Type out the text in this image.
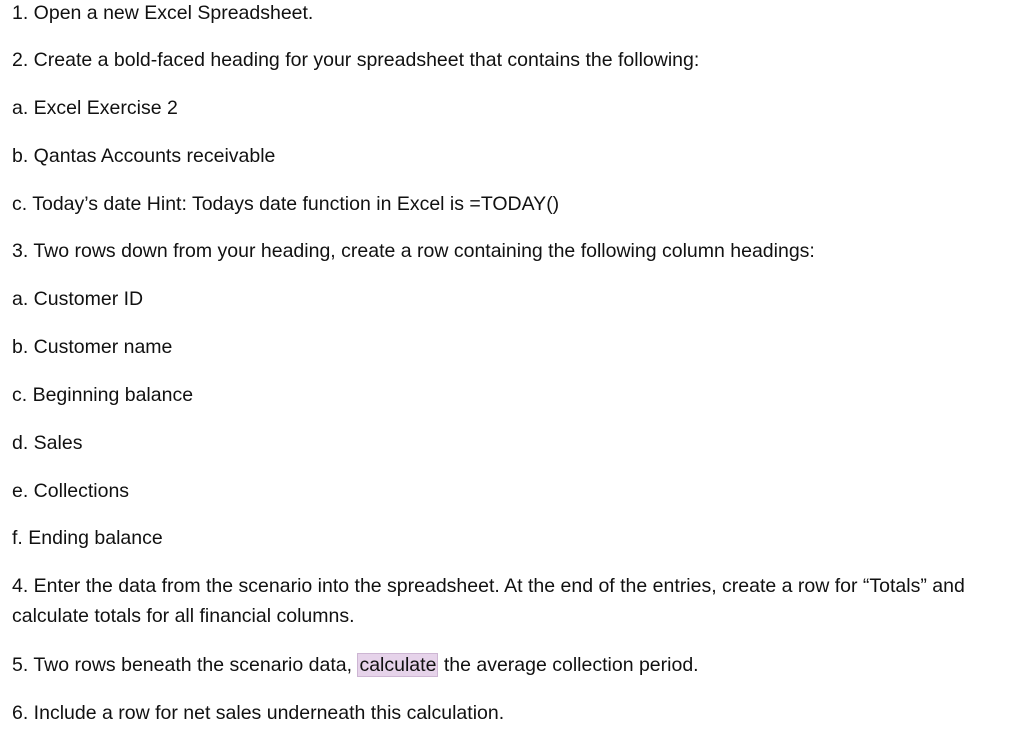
1. Open a new Excel Spreadsheet.
2. Create a bold-faced heading for your spreadsheet that contains the following:
a. Excel Exercise 2
b. Qantas Accounts receivable
c. Today’s date Hint: Todays date function in Excel is =TODAY()
3. Two rows down from your heading, create a row containing the following column headings:
a. Customer ID
b. Customer name
c. Beginning balance
d. Sales
e. Collections
f. Ending balance
4. Enter the data from the scenario into the spreadsheet. At the end of the entries, create a row for “Totals” and calculate totals for all financial columns.
5. Two rows beneath the scenario data, calculate the average collection period.
6. Include a row for net sales underneath this calculation.
